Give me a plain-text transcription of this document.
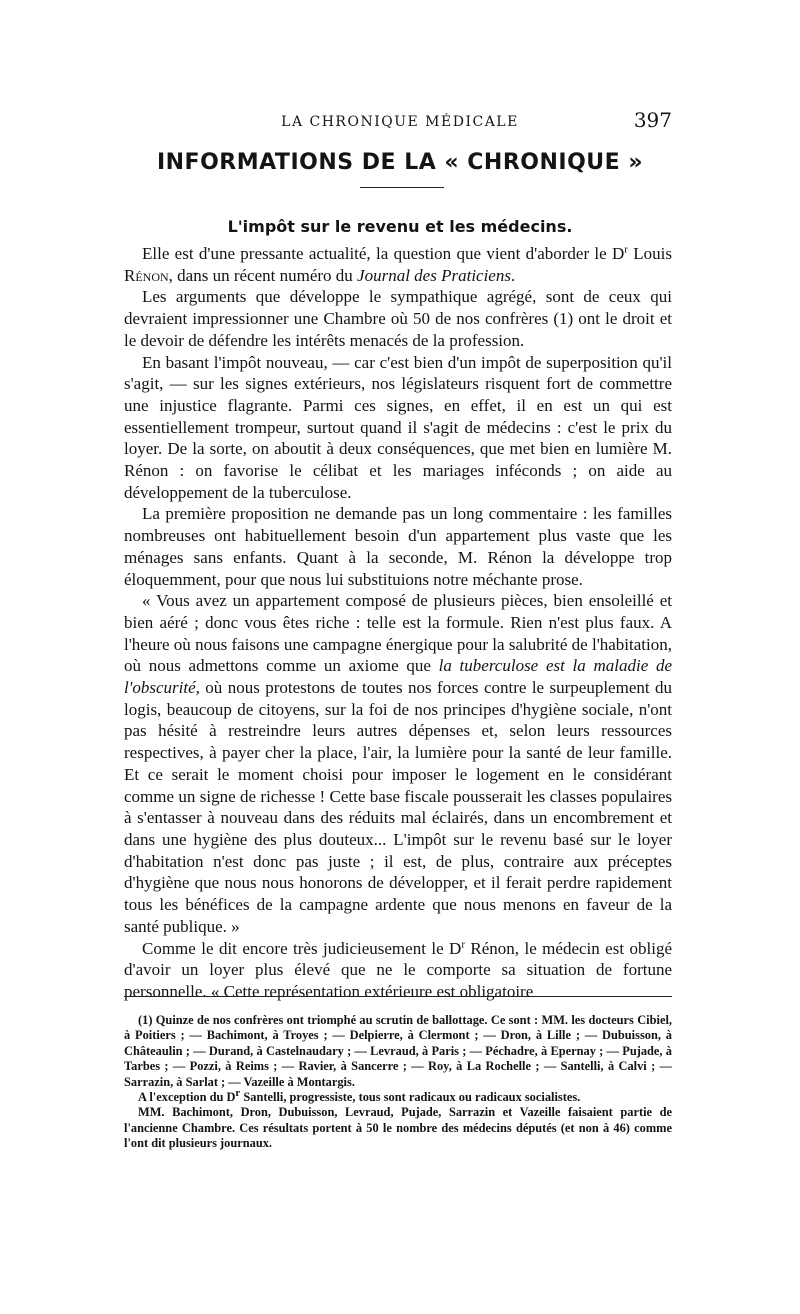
LA CHRONIQUE MÉDICALE	397
INFORMATIONS DE LA « CHRONIQUE »
L'impôt sur le revenu et les médecins.

Elle est d'une pressante actualité, la question que vient d'aborder le $D^r$ Louis Rénon, dans un récent numéro du Journal des Praticiens.

Les arguments que développe le sympathique agrégé, sont de ceux qui devraient impressionner une Chambre où 50 de nos confrères (1) ont le droit et le devoir de défendre les intérêts menacés de la profession.

En basant l'impôt nouveau, — car c'est bien d'un impôt de superposition qu'il s'agit, — sur les signes extérieurs, nos législateurs risquent fort de commettre une injustice flagrante. Parmi ces signes, en effet, il en est un qui est essentiellement trompeur, surtout quand il s'agit de médecins : c'est le prix du loyer. De la sorte, on aboutit à deux conséquences, que met bien en lumière M. Rénon : on favorise le célibat et les mariages inféconds ; on aide au développement de la tuberculose.

La première proposition ne demande pas un long commentaire : les familles nombreuses ont habituellement besoin d'un appartement plus vaste que les ménages sans enfants. Quant à la seconde, M. Rénon la développe trop éloquemment, pour que nous lui substituions notre méchante prose.

« Vous avez un appartement composé de plusieurs pièces, bien ensoleillé et bien aéré ; donc vous êtes riche : telle est la formule. Rien n'est plus faux. A l'heure où nous faisons une campagne énergique pour la salubrité de l'habitation, où nous admettons comme un axiome que la tuberculose est la maladie de l'obscurité, où nous protestons de toutes nos forces contre le surpeuplement du logis, beaucoup de citoyens, sur la foi de nos principes d'hygiène sociale, n'ont pas hésité à restreindre leurs autres dépenses et, selon leurs ressources respectives, à payer cher la place, l'air, la lumière pour la santé de leur famille. Et ce serait le moment choisi pour imposer le logement en le considérant comme un signe de richesse ! Cette base fiscale pousserait les classes populaires à s'entasser à nouveau dans des réduits mal éclairés, dans un encombrement et dans une hygiène des plus douteux... L'impôt sur le revenu basé sur le loyer d'habitation n'est donc pas juste ; il est, de plus, contraire aux préceptes d'hygiène que nous nous honorons de développer, et il ferait perdre rapidement tous les bénéfices de la campagne ardente que nous menons en faveur de la santé publique. »

Comme le dit encore très judicieusement le $D^r$ Rénon, le médecin est obligé d'avoir un loyer plus élevé que ne le comporte sa situation de fortune personnelle. « Cette représentation extérieure est obligatoire

(1) Quinze de nos confrères ont triomphé au scrutin de ballottage. Ce sont : MM. les docteurs Cibiel, à Poitiers ; — Bachimont, à Troyes ; — Delpierre, à Clermont ; — Dron, à Lille ; — Dubuisson, à Châteaulin ; — Durand, à Castelnaudary ; — Levraud, à Paris ; — Péchadre, à Epernay ; — Pujade, à Tarbes ; — Pozzi, à Reims ; — Ravier, à Sancerre ; — Roy, à La Rochelle ; — Santelli, à Calvi ; — Sarrazin, à Sarlat ; — Vazeille à Montargis.

A l'exception du Dr Santelli, progressiste, tous sont radicaux ou radicaux socialistes.

MM. Bachimont, Dron, Dubuisson, Levraud, Pujade, Sarrazin et Vazeille faisaient partie de l'ancienne Chambre. Ces résultats portent à 50 le nombre des médecins députés (et non à 46) comme l'ont dit plusieurs journaux.
